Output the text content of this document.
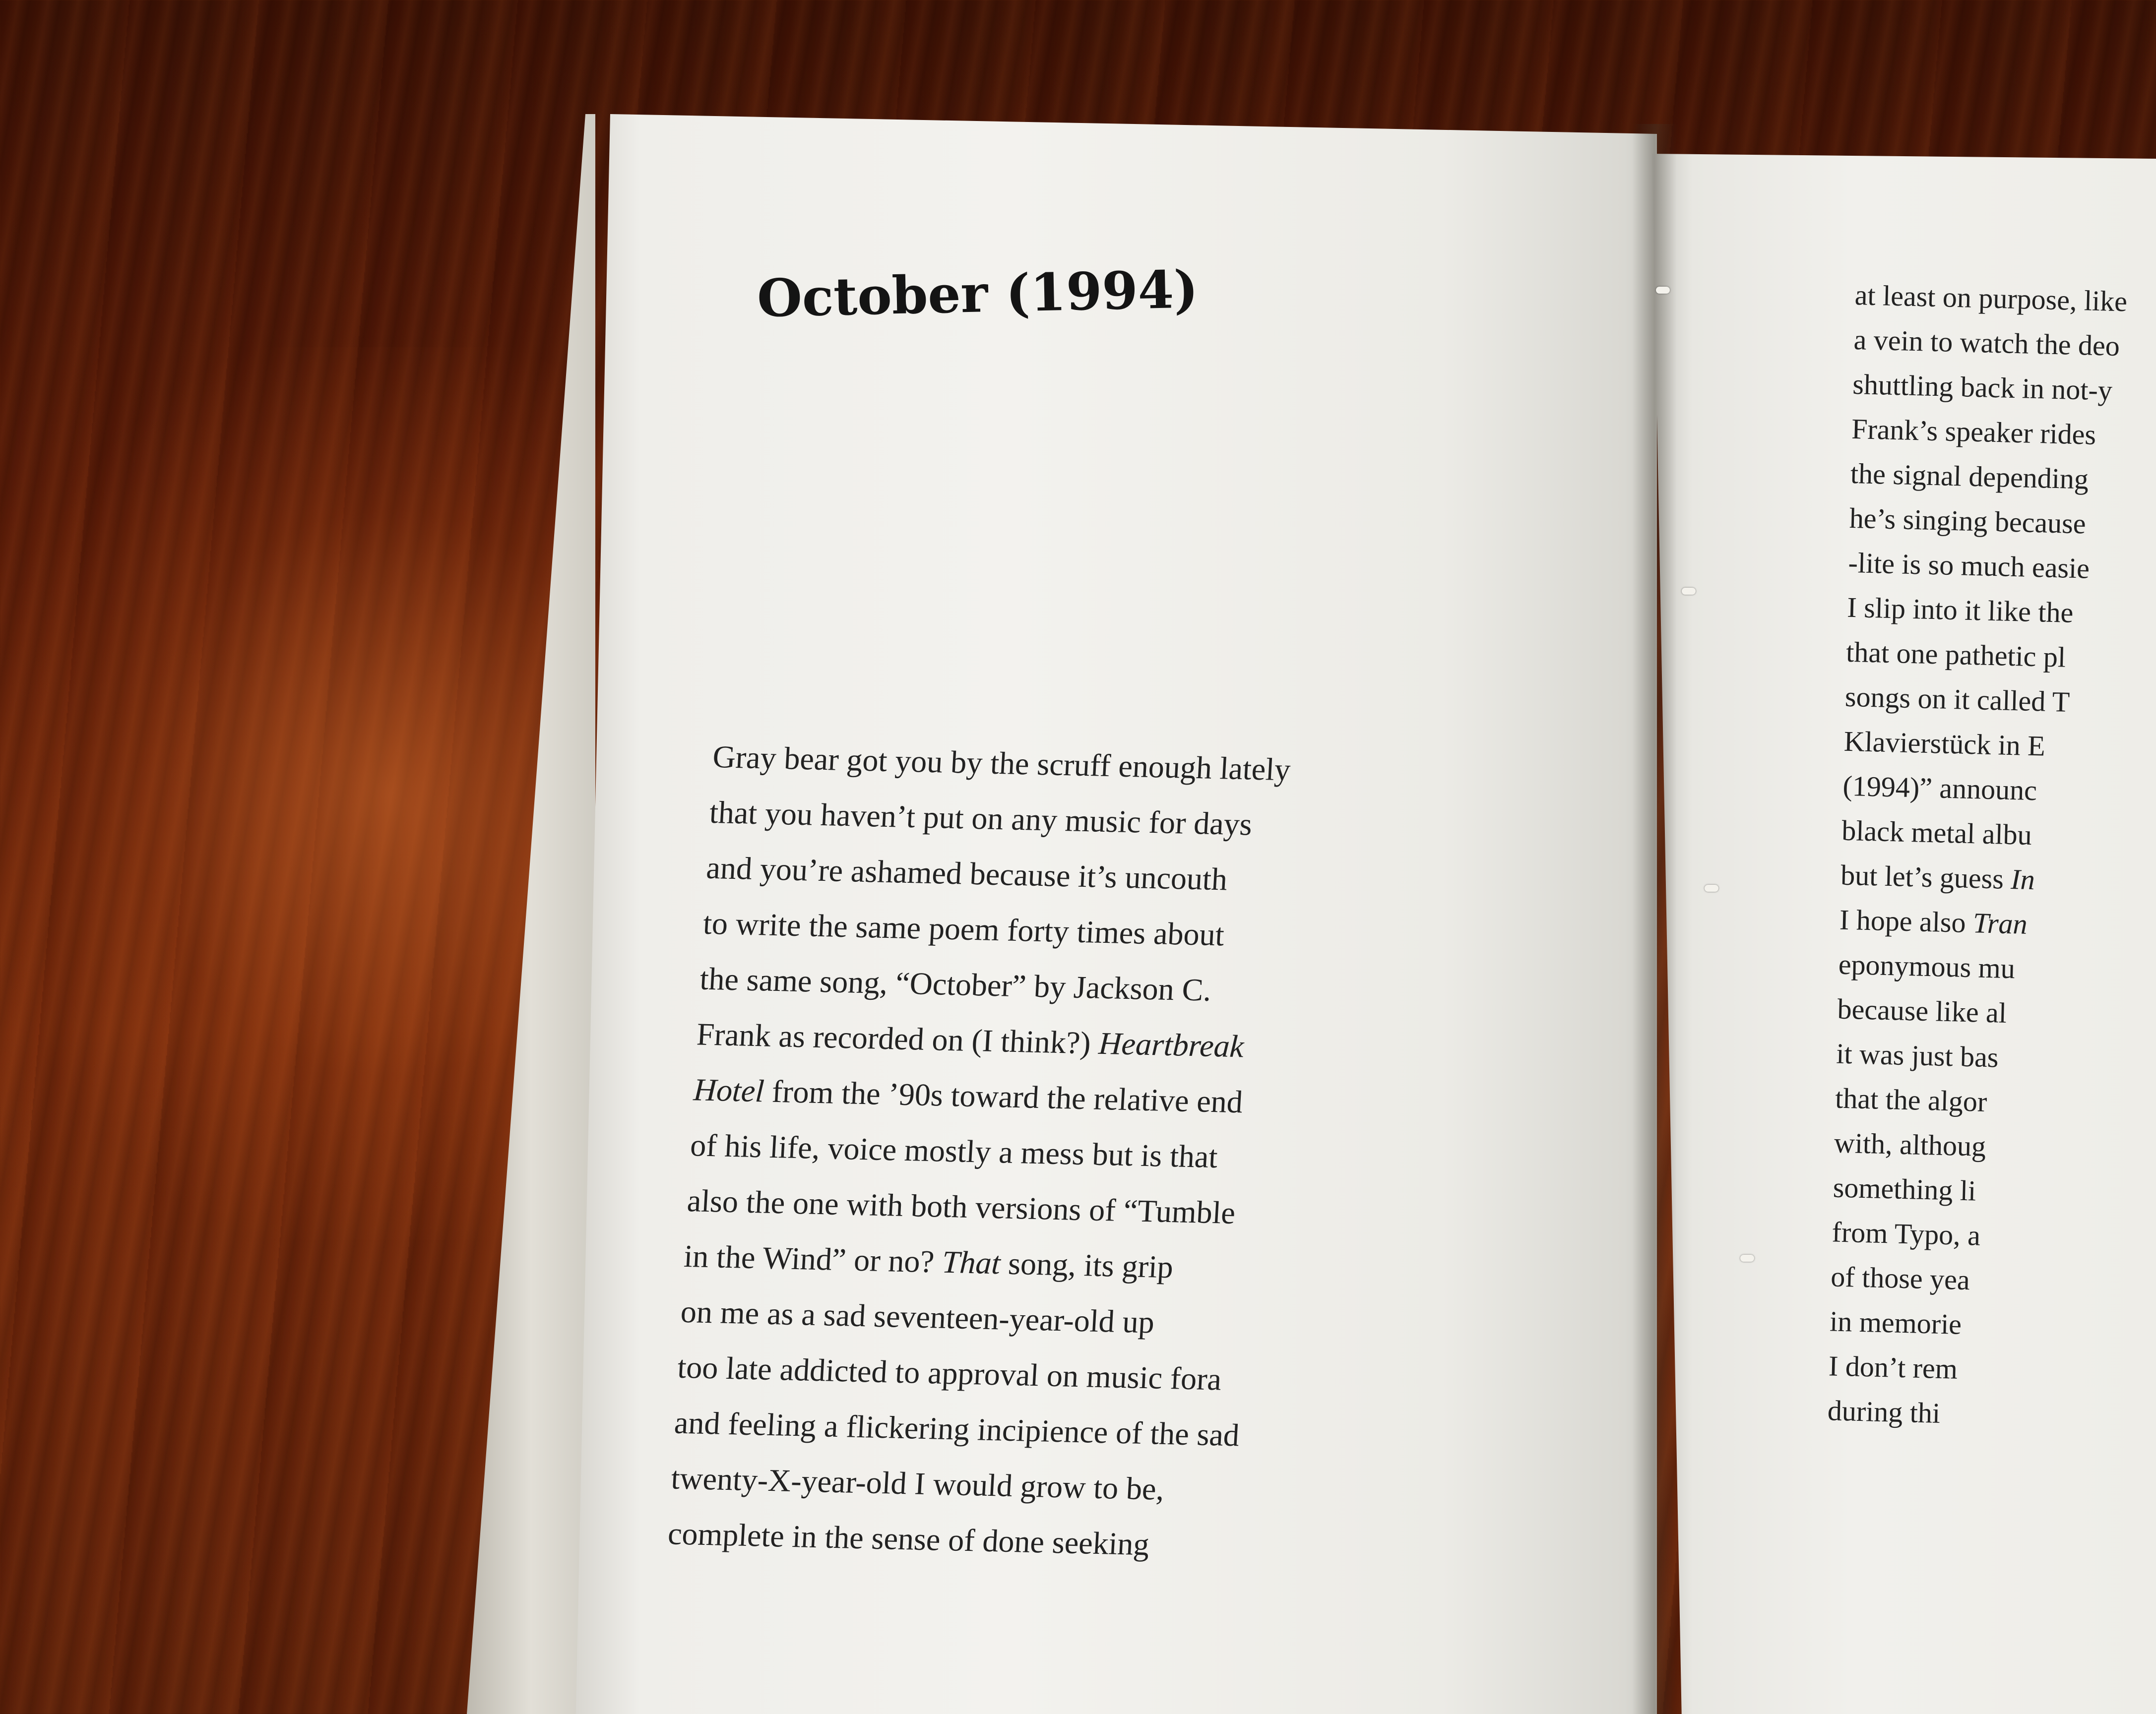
October (1994)
Gray bear got you by the scruff enough lately
that you haven’t put on any music for days
and you’re ashamed because it’s uncouth
to write the same poem forty times about
the same song, “October” by Jackson C.
Frank as recorded on (I think?) Heartbreak
Hotel from the ’90s toward the relative end
of his life, voice mostly a mess but is that
also the one with both versions of “Tumble
in the Wind” or no? That song, its grip
on me as a sad seventeen-year-old up
too late addicted to approval on music fora
and feeling a flickering incipience of the sad
twenty-X-year-old I would grow to be,
complete in the sense of done seeking
at least on purpose, like
a vein to watch the deo
shuttling back in not-y
Frank’s speaker rides
the signal depending
he’s singing because
-lite is so much easie
I slip into it like the
that one pathetic pl
songs on it called T
Klavierstück in E
(1994)” announc
black metal albu
but let’s guess In
I hope also Tran
eponymous mu
because like al
it was just bas
that the algor
with, althoug
something li
from Typo, a
of those yea
in memorie
I don’t rem
during thi
